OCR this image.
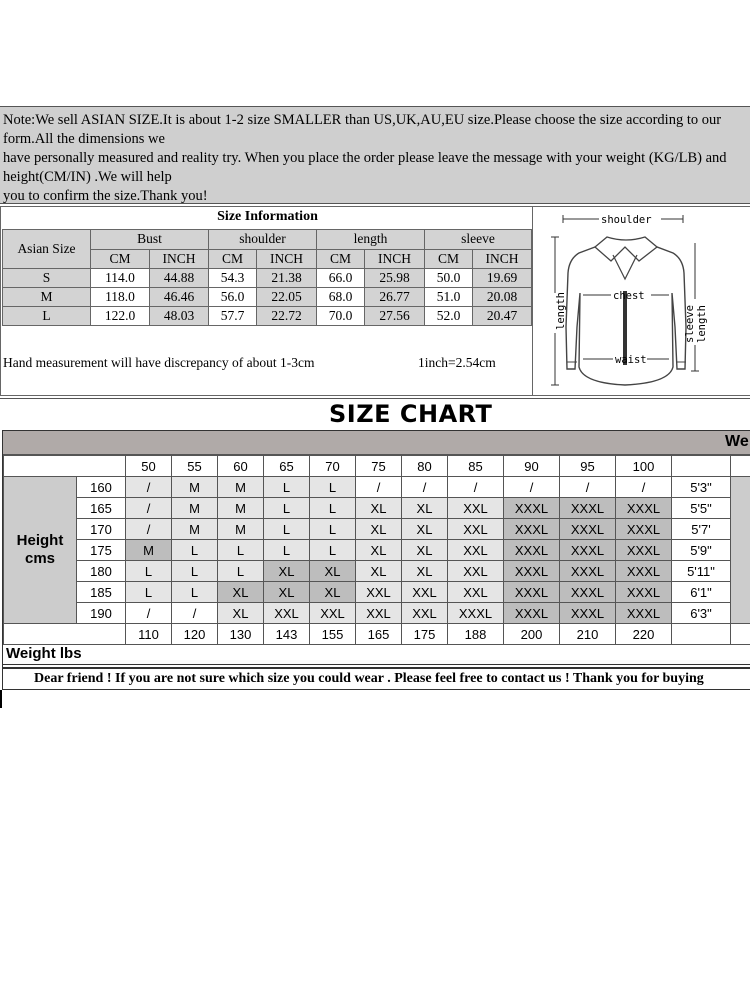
Note:We sell ASIAN SIZE.It is about 1-2 size SMALLER than US,UK,AU,EU size.Please choose the size according to our
form.All the dimensions we
have personally measured and reality try. When you place the order please leave the message with your weight (KG/LB) and
height(CM/IN) .We will help
you to confirm the size.Thank you!
Size Information
Asian Size	Bust		shoulder		length		sleeve	
	CM	INCH	CM	INCH	CM	INCH	CM	INCH
S	114.0	44.88	54.3	21.38	66.0	25.98	50.0	19.69
M	118.0	46.46	56.0	22.05	68.0	26.77	51.0	20.08
L	122.0	48.03	57.7	22.72	70.0	27.56	52.0	20.47
Hand measurement will have discrepancy of about 1-3cm	1inch=2.54cm
shoulder
chest
waist
length	sleeve length
SIZE CHART
We
		50	55	60	65	70	75	80	85	90	95	100		

Height
cms	160	/	M	M	L	L	/	/	/	/	/	/	5'3"	
	165	/	M	M	L	L	XL	XL	XXL	XXXL	XXXL	XXXL	5'5"	
	170	/	M	M	L	L	XL	XL	XXL	XXXL	XXXL	XXXL	5'7'	
	175	M	L	L	L	L	XL	XL	XXL	XXXL	XXXL	XXXL	5'9"	
	180	L	L	L	XL	XL	XL	XL	XXL	XXXL	XXXL	XXXL	5'11"	
	185	L	L	XL	XL	XL	XXL	XXL	XXL	XXXL	XXXL	XXXL	6'1"	
	190	/	/	XL	XXL	XXL	XXL	XXL	XXXL	XXXL	XXXL	XXXL	6'3"	
		110	120	130	143	155	165	175	188	200	210	220		
Weight lbs
Dear friend ! If you are not sure which size you could wear . Please feel free to contact us ! Thank you for buying
